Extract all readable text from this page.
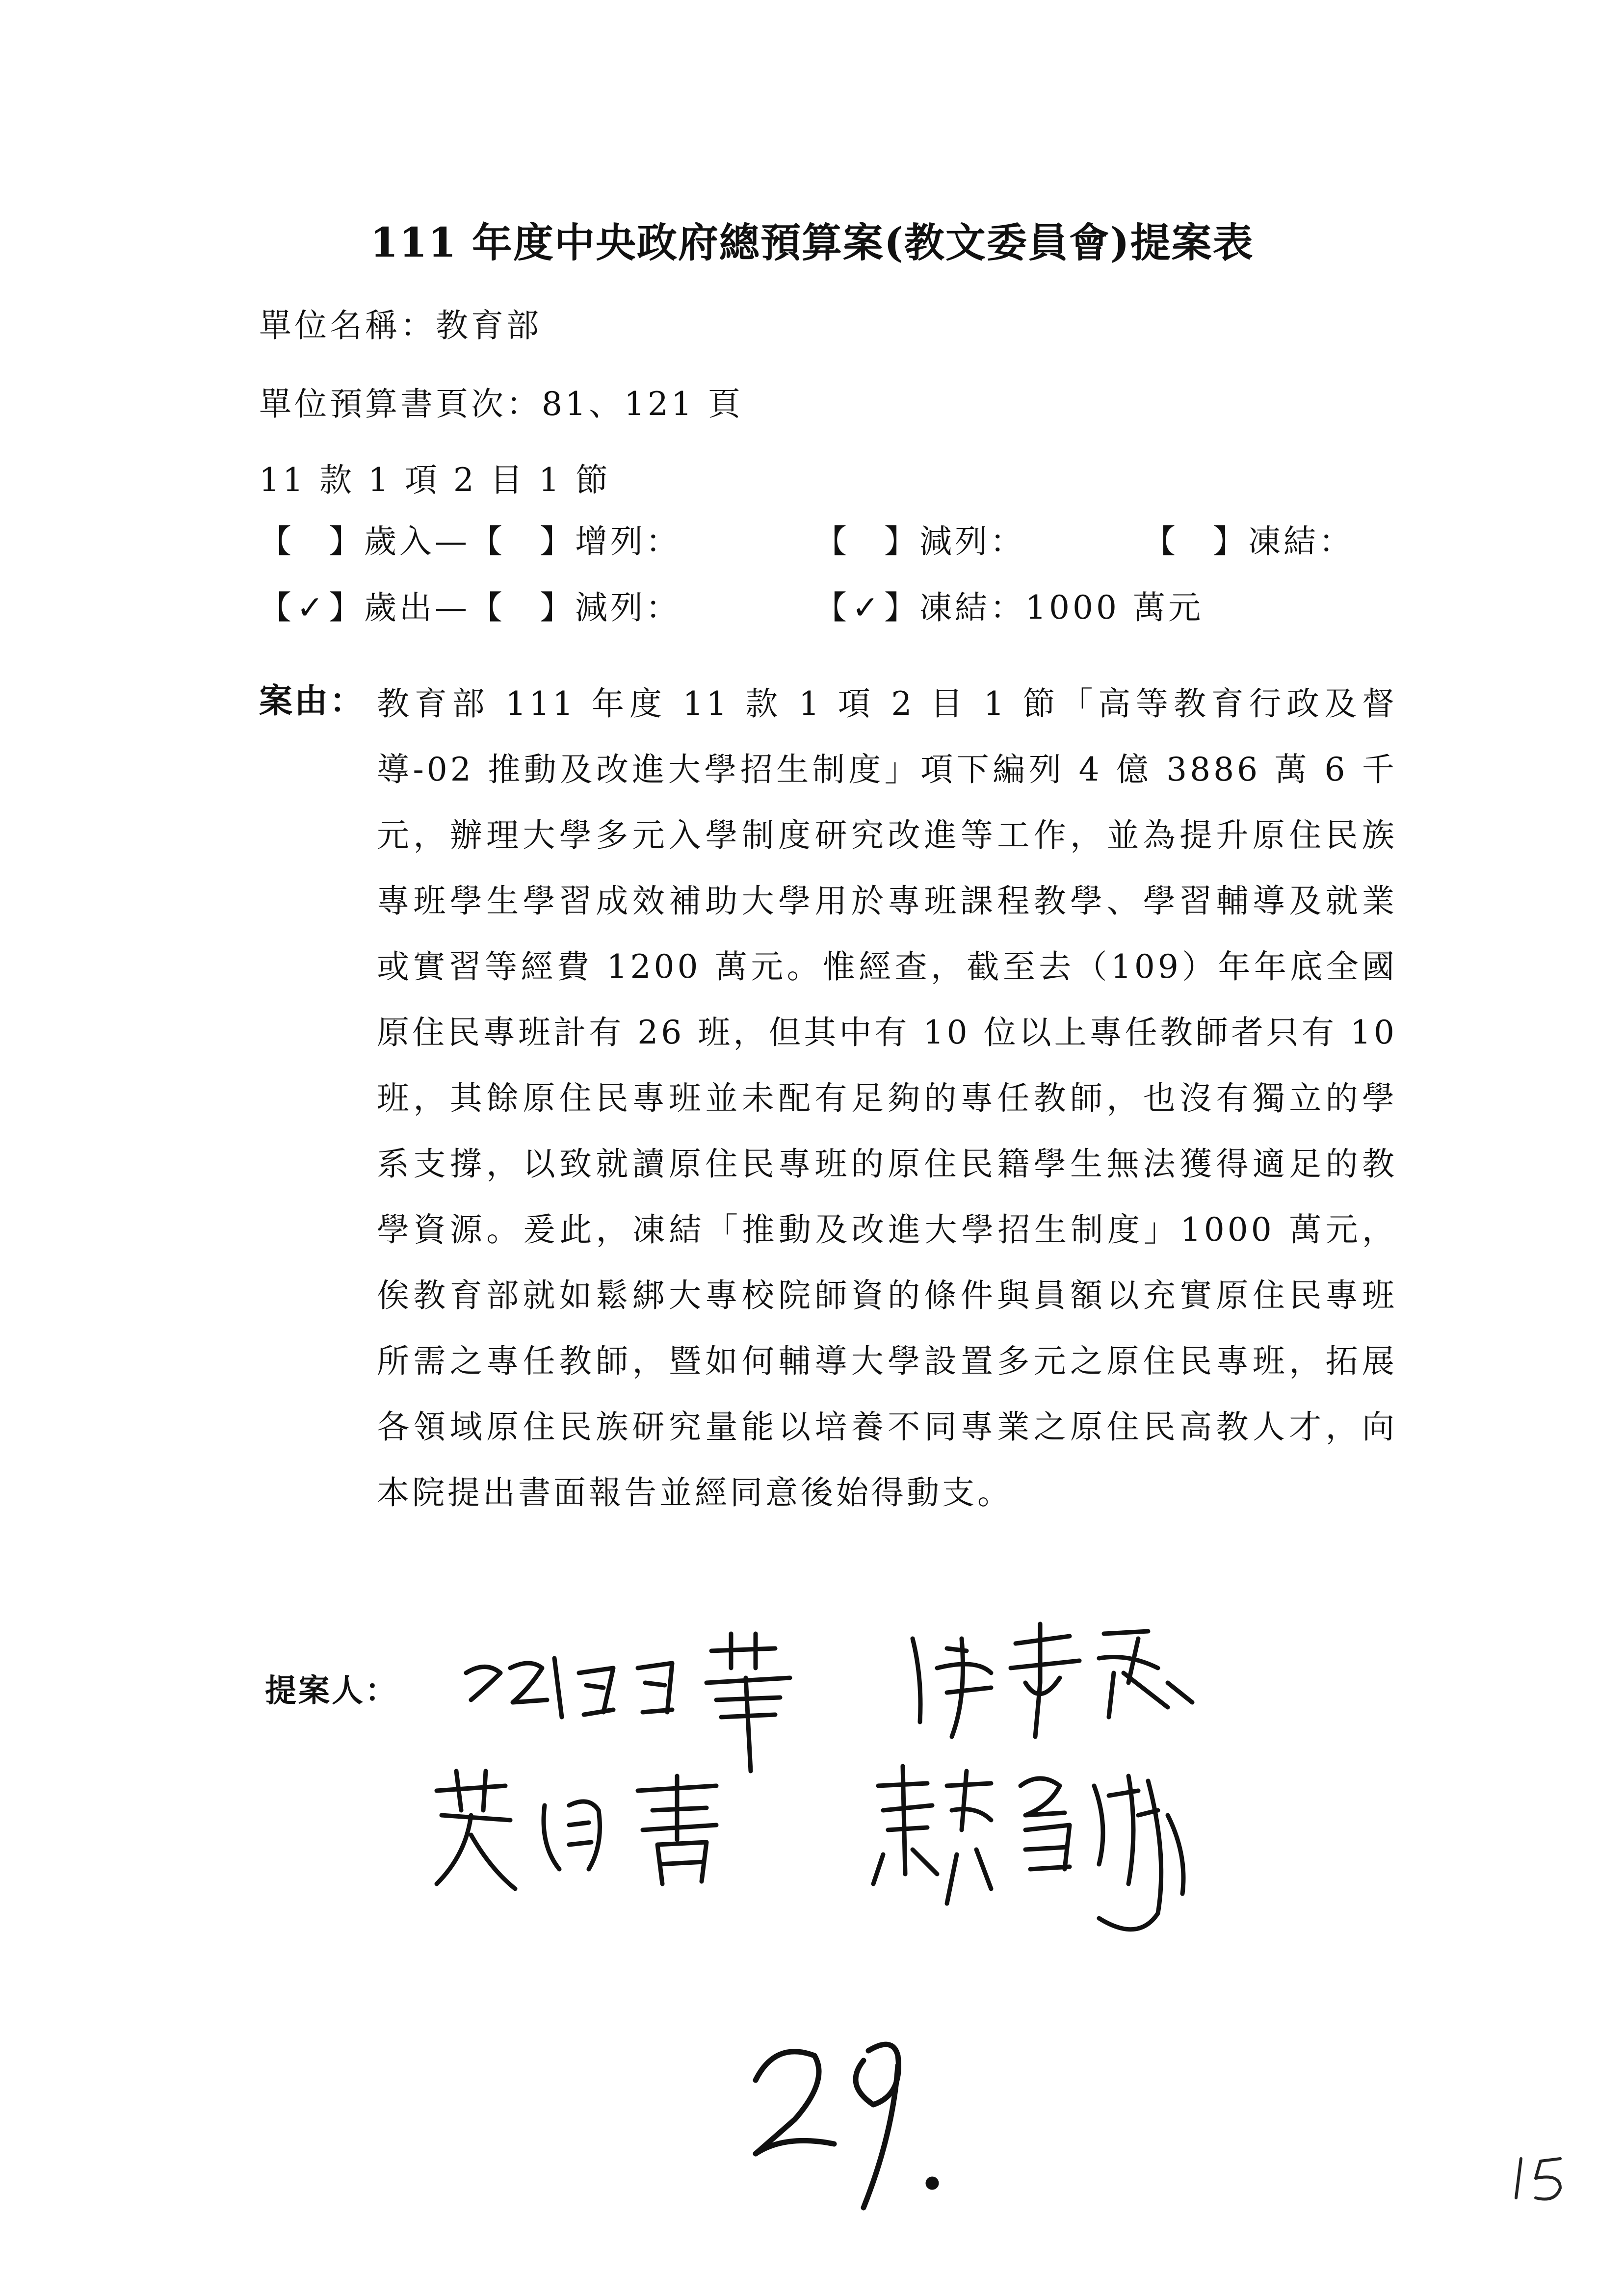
111 年度中央政府總預算案(教文委員會)提案表
單位名稱：教育部
單位預算書頁次：81、121 頁
11 款 1 項 2 目 1 節
【 】歲入—【 】增列：	【 】減列：	【 】凍結：
【✓】歲出—【 】減列：	【✓】凍結：1000 萬元
案由： 教育部 111 年度 11 款 1 項 2 目 1 節「高等教育行政及督導-02 推動及改進大學招生制度」項下編列 4 億 3886 萬 6 千元，辦理大學多元入學制度研究改進等工作，並為提升原住民族專班學生學習成效補助大學用於專班課程教學、學習輔導及就業或實習等經費 1200 萬元。惟經查，截至去（109）年年底全國原住民專班計有 26 班，但其中有 10 位以上專任教師者只有 10 班，其餘原住民專班並未配有足夠的專任教師，也沒有獨立的學系支撐，以致就讀原住民專班的原住民籍學生無法獲得適足的教學資源。爰此，凍結「推動及改進大學招生制度」1000 萬元，俟教育部就如鬆綁大專校院師資的條件與員額以充實原住民專班所需之專任教師，暨如何輔導大學設置多元之原住民專班，拓展各領域原住民族研究量能以培養不同專業之原住民高教人才，向本院提出書面報告並經同意後始得動支。
提案人：
